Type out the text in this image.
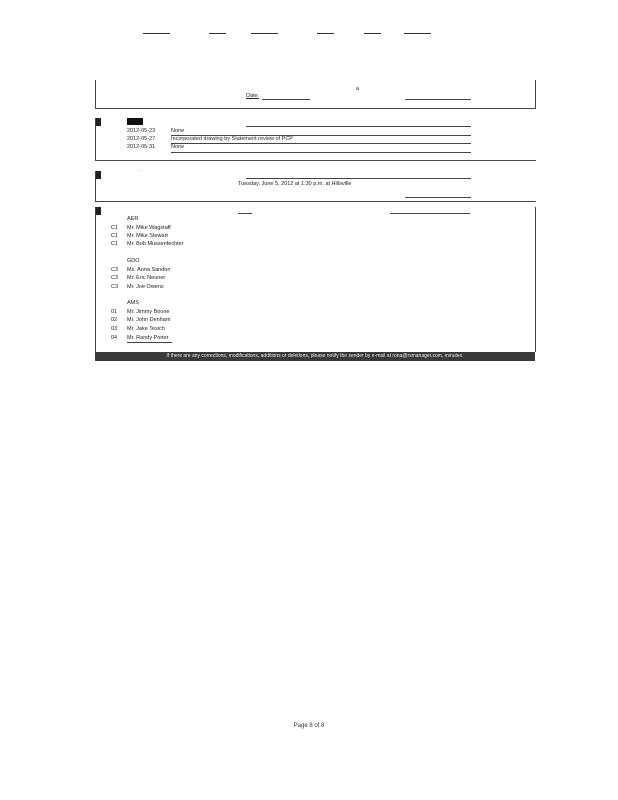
a
Date:
2012-05-23	None
2012-05-27	Incorporated drawing by Statement review of PCP
2012-05-31	None
.
Tuesday, June 5, 2012 at 1:30 p.m. at Hillsville
AER
C1 Mr. Mike Wagstaff
C1 Mr. Mike Stewart
C1 Mr. Bob Mussenfechter
GDO
C3 Ms. Anna Sandon
C3 Mr. Eric Neuner
C3 Mr. Joe Owens
AMS
01 Mr. Jimmy Boone
02 Mr. John Denham
03 Mr. Jake Tesich
04 Mr. Randy Porter
If there are any corrections, modifications, additions or deletions, please notify the sender by e-mail at rona@rsmanager.com, minutes.
Page 8 of 8
